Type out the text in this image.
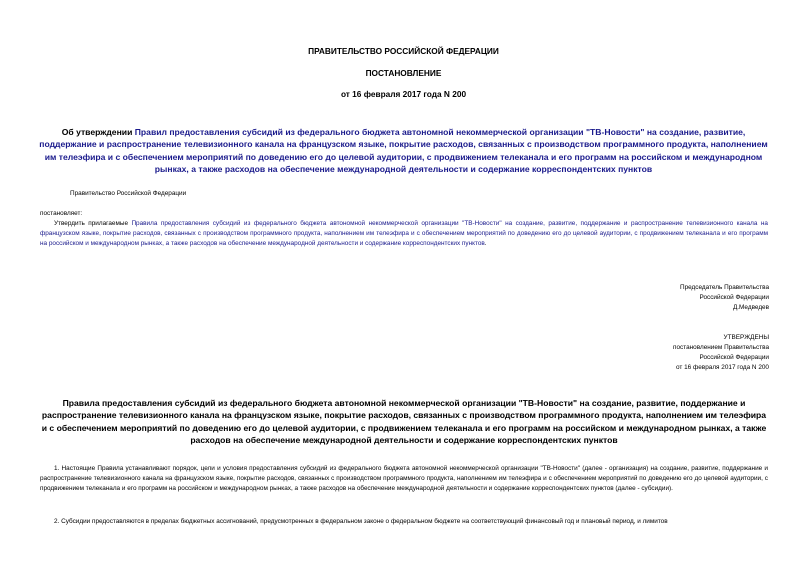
ПРАВИТЕЛЬСТВО РОССИЙСКОЙ ФЕДЕРАЦИИ
ПОСТАНОВЛЕНИЕ
от 16 февраля 2017 года N 200
Об утверждении Правил предоставления субсидий из федерального бюджета автономной некоммерческой организации "ТВ-Новости" на создание, развитие, поддержание и распространение телевизионного канала на французском языке, покрытие расходов, связанных с производством программного продукта, наполнением им телеэфира и с обеспечением мероприятий по доведению его до целевой аудитории, с продвижением телеканала и его программ на российском и международном рынках, а также расходов на обеспечение международной деятельности и содержание корреспондентских пунктов
Правительство Российской Федерации
постановляет:
Утвердить прилагаемые Правила предоставления субсидий из федерального бюджета автономной некоммерческой организации "ТВ-Новости" на создание, развитие, поддержание и распространение телевизионного канала на французском языке, покрытие расходов, связанных с производством программного продукта, наполнением им телеэфира и с обеспечением мероприятий по доведению его до целевой аудитории, с продвижением телеканала и его программ на российском и международном рынках, а также расходов на обеспечение международной деятельности и содержание корреспондентских пунктов.
Председатель Правительства
Российской Федерации
Д.Медведев
УТВЕРЖДЕНЫ
постановлением Правительства
Российской Федерации
от 16 февраля 2017 года N 200
Правила предоставления субсидий из федерального бюджета автономной некоммерческой организации "ТВ-Новости" на создание, развитие, поддержание и распространение телевизионного канала на французском языке, покрытие расходов, связанных с производством программного продукта, наполнением им телеэфира и с обеспечением мероприятий по доведению его до целевой аудитории, с продвижением телеканала и его программ на российском и международном рынках, а также расходов на обеспечение международной деятельности и содержание корреспондентских пунктов
1. Настоящие Правила устанавливают порядок, цели и условия предоставления субсидий из федерального бюджета автономной некоммерческой организации "ТВ-Новости" (далее - организация) на создание, развитие, поддержание и распространение телевизионного канала на французском языке, покрытие расходов, связанных с производством программного продукта, наполнением им телеэфира и с обеспечением мероприятий по доведению его до целевой аудитории, с продвижением телеканала и его программ на российском и международном рынках, а также расходов на обеспечение международной деятельности и содержание корреспондентских пунктов (далее - субсидии).
2. Субсидии предоставляются в пределах бюджетных ассигнований, предусмотренных в федеральном законе о федеральном бюджете на соответствующий финансовый год и плановый период, и лимитов
